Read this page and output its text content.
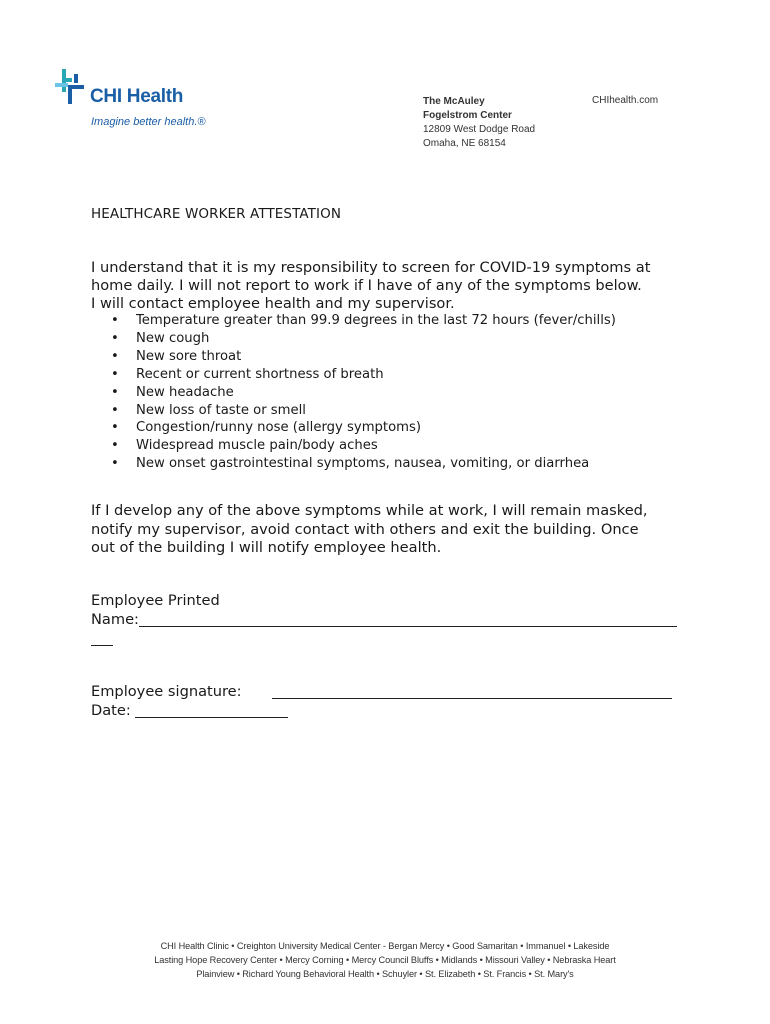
CHI Health
Imagine better health.®
The McAuley
Fogelstrom Center
12809 West Dodge Road
Omaha, NE 68154
CHIhealth.com
HEALTHCARE WORKER ATTESTATION
I understand that it is my responsibility to screen for COVID-19 symptoms at
home daily. I will not report to work if I have of any of the symptoms below.
I will contact employee health and my supervisor.
• Temperature greater than 99.9 degrees in the last 72 hours (fever/chills)
• New cough
• New sore throat
• Recent or current shortness of breath
• New headache
• New loss of taste or smell
• Congestion/runny nose (allergy symptoms)
• Widespread muscle pain/body aches
• New onset gastrointestinal symptoms, nausea, vomiting, or diarrhea
If I develop any of the above symptoms while at work, I will remain masked,
notify my supervisor, avoid contact with others and exit the building. Once
out of the building I will notify employee health.
Employee Printed
Name:
Employee signature:
Date:
CHI Health Clinic • Creighton University Medical Center - Bergan Mercy • Good Samaritan • Immanuel • Lakeside
Lasting Hope Recovery Center • Mercy Corning • Mercy Council Bluffs • Midlands • Missouri Valley • Nebraska Heart
Plainview • Richard Young Behavioral Health • Schuyler • St. Elizabeth • St. Francis • St. Mary's
